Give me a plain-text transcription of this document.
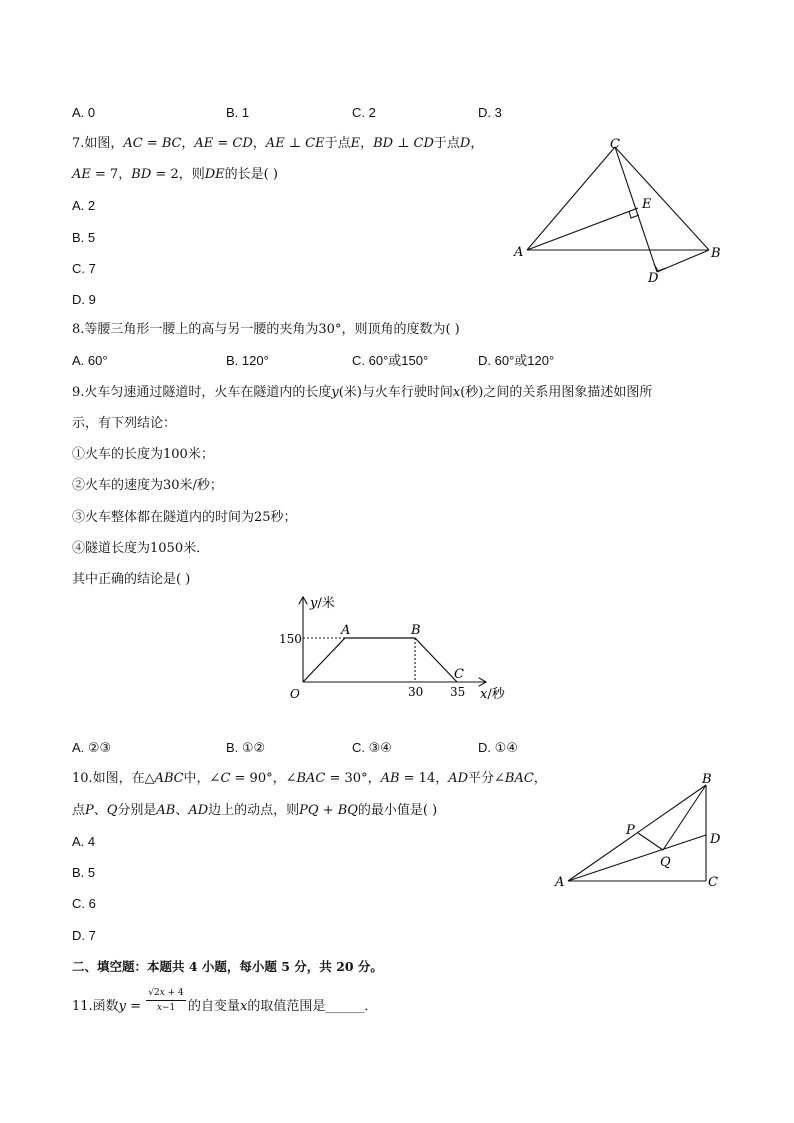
A. 0	B. 1	C. 2	D. 3
7.如图，𝐴𝐶 = 𝐵𝐶，𝐴𝐸 = 𝐶𝐷，𝐴𝐸 ⊥ 𝐶𝐸于点𝐸，𝐵𝐷 ⊥ 𝐶𝐷于点𝐷，
𝐴𝐸 = 7，𝐵𝐷 = 2，则𝐷𝐸的长是( )
A. 2
B. 5
C. 7
D. 9
C
E
A	B
D
8.等腰三角形一腰上的高与另一腰的夹角为30°，则顶角的度数为( )
A. 60°	B. 120°	C. 60°或150°	D. 60°或120°
9.火车匀速通过隧道时，火车在隧道内的长度𝑦(米)与火车行驶时间𝑥(秒)之间的关系用图象描述如图所
示，有下列结论：
①火车的长度为100米；
②火车的速度为30米/秒；
③火车整体都在隧道内的时间为25秒；
④隧道长度为1050米．
其中正确的结论是( )
𝑦/米
𝑥/秒
O
150
30 35
A	B
C
A. ②③	B. ①②	C. ③④	D. ①④
10.如图，在△𝐴𝐵𝐶中，∠𝐶 = 90°，∠𝐵𝐴𝐶 = 30°，𝐴𝐵 = 14，𝐴𝐷平分∠𝐵𝐴𝐶，
点𝑃、𝑄分别是𝐴𝐵、𝐴𝐷边上的动点，则𝑃𝑄 + 𝐵𝑄的最小值是( )
A. 4
B. 5
C. 6
D. 7
B
P
D
Q
A	C
二、填空题：本题共 4 小题，每小题 5 分，共 20 分。
11.函数𝑦 =
√2𝑥 + 4
𝑥−1 的自变量𝑥的取值范围是______．
